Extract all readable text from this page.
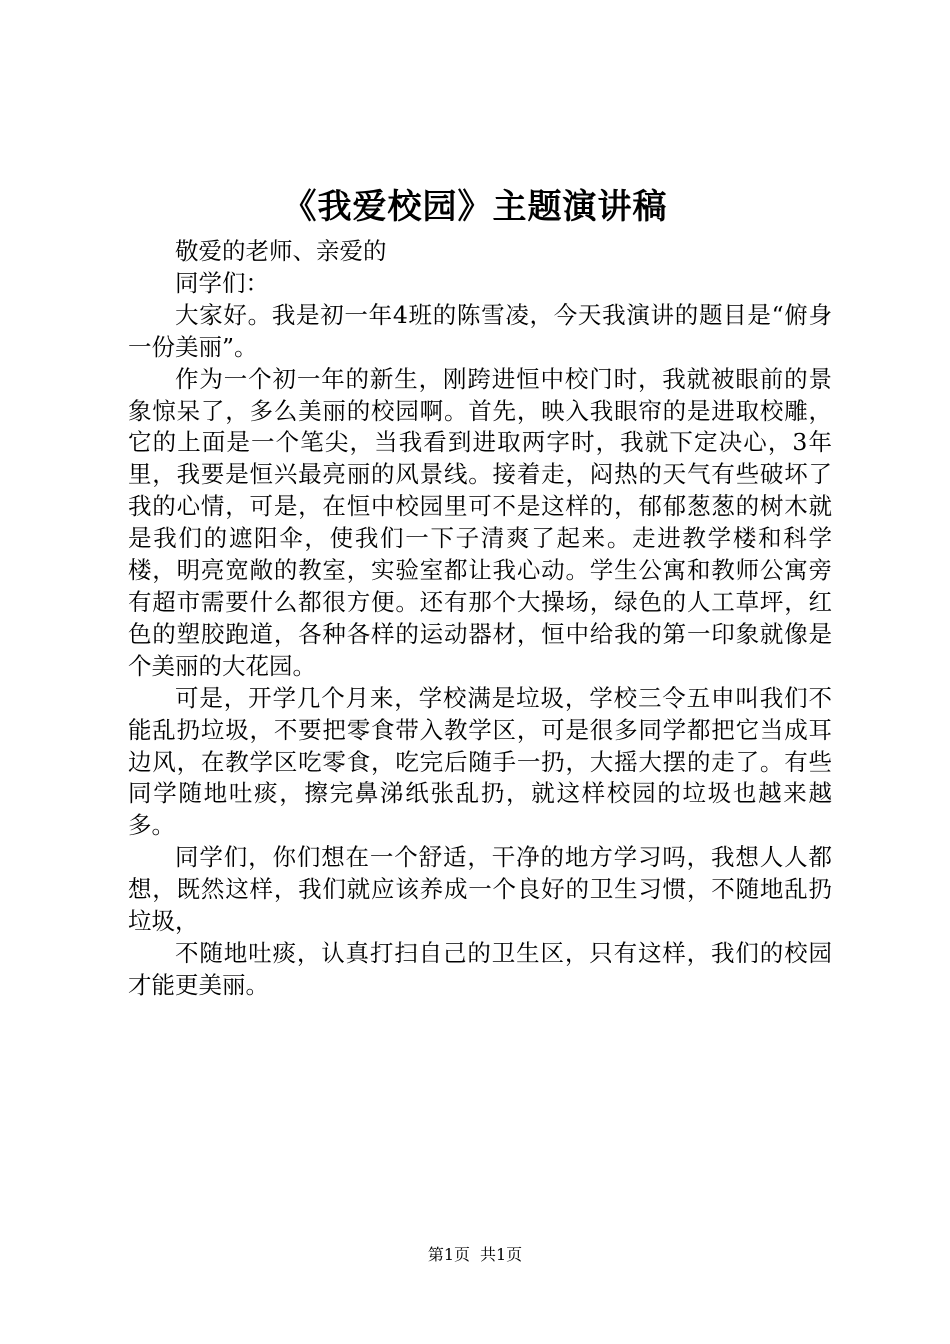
《我爱校园》主题演讲稿

敬爱的老师、亲爱的

同学们：

大家好。我是初一年4班的陈雪凌，今天我演讲的题目是“俯身一份美丽”。

作为一个初一年的新生，刚跨进恒中校门时，我就被眼前的景象惊呆了，多么美丽的校园啊。首先，映入我眼帘的是进取校雕，它的上面是一个笔尖，当我看到进取两字时，我就下定决心，3年里，我要是恒兴最亮丽的风景线。接着走，闷热的天气有些破坏了我的心情，可是，在恒中校园里可不是这样的，郁郁葱葱的树木就是我们的遮阳伞，使我们一下子清爽了起来。走进教学楼和科学楼，明亮宽敞的教室，实验室都让我心动。学生公寓和教师公寓旁有超市需要什么都很方便。还有那个大操场，绿色的人工草坪，红色的塑胶跑道，各种各样的运动器材，恒中给我的第一印象就像是个美丽的大花园。

可是，开学几个月来，学校满是垃圾，学校三令五申叫我们不能乱扔垃圾，不要把零食带入教学区，可是很多同学都把它当成耳边风，在教学区吃零食，吃完后随手一扔，大摇大摆的走了。有些同学随地吐痰，擦完鼻涕纸张乱扔，就这样校园的垃圾也越来越多。

同学们，你们想在一个舒适，干净的地方学习吗，我想人人都想，既然这样，我们就应该养成一个良好的卫生习惯，不随地乱扔垃圾，

不随地吐痰，认真打扫自己的卫生区，只有这样，我们的校园才能更美丽。

第1页 共1页
